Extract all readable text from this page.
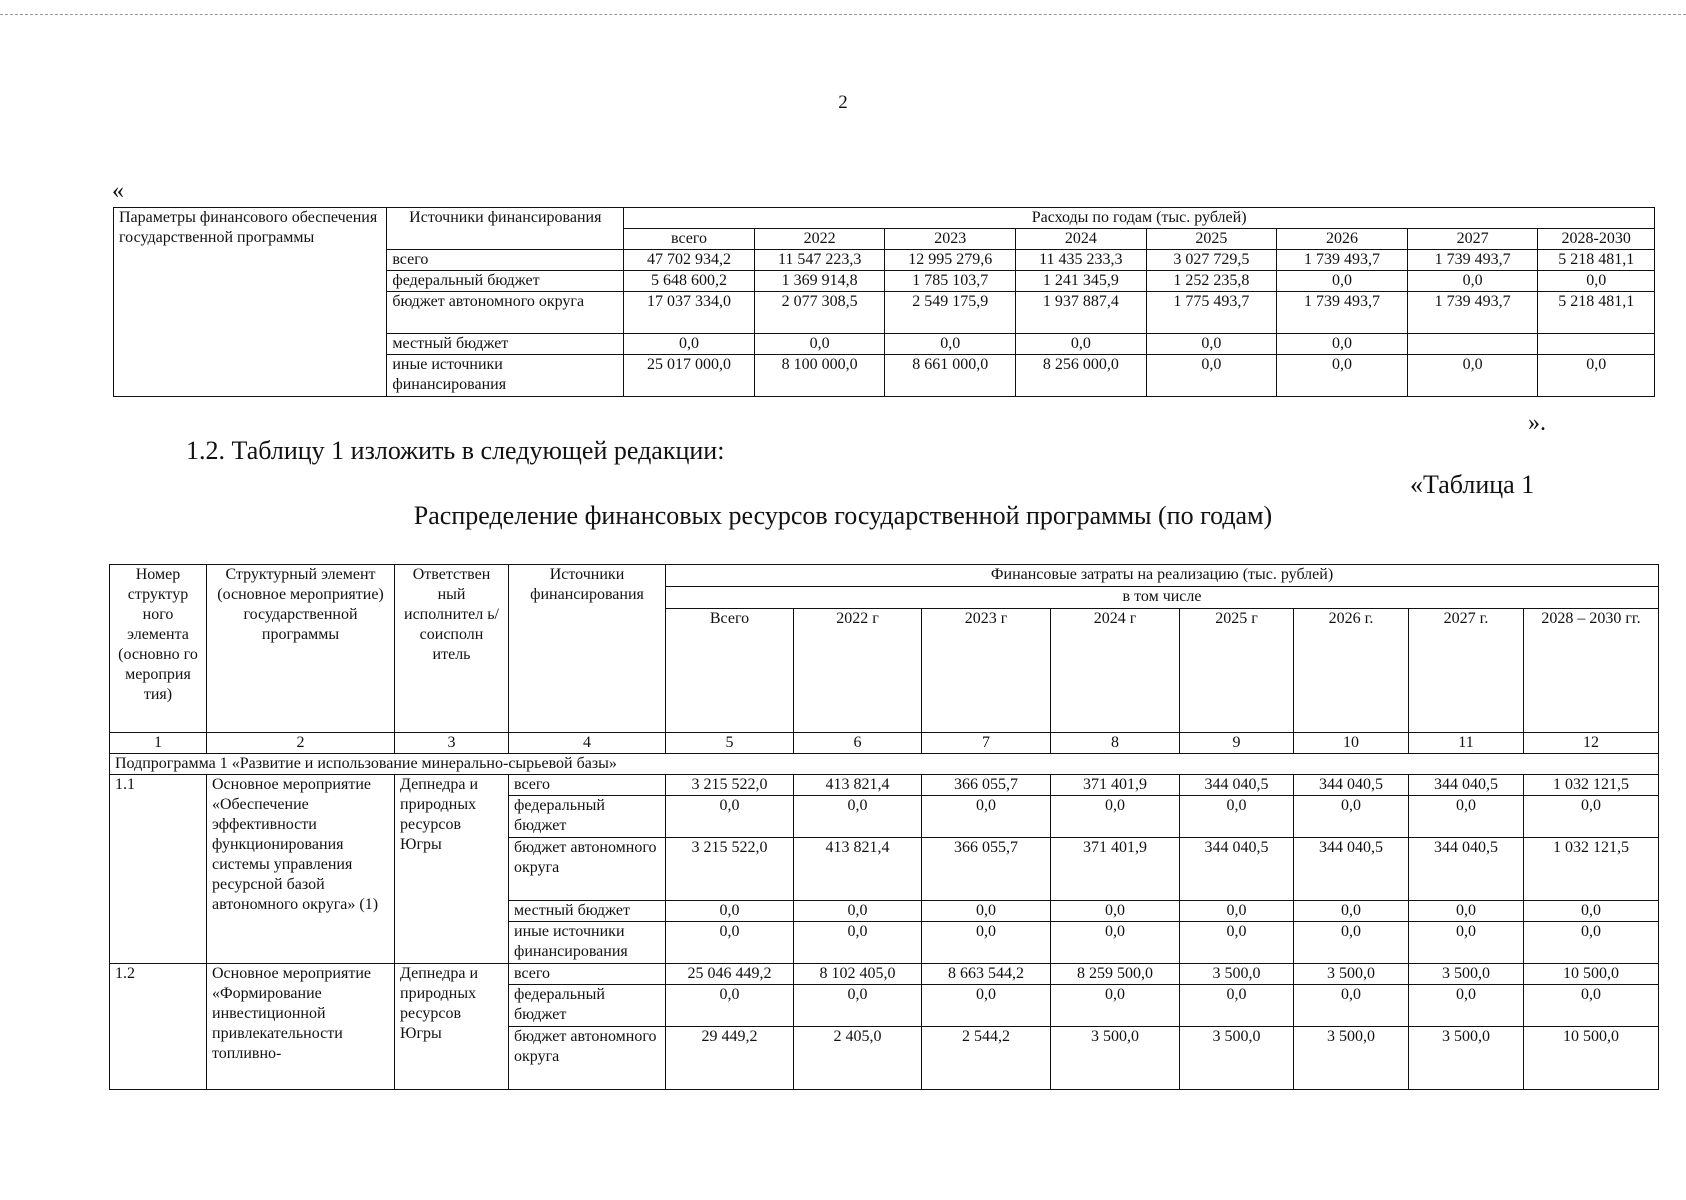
2
«
Параметры финансового обеспечения государственной программы	Источники финансирования	Расходы по годам (тыс. рублей)							
		всего	2022	2023	2024	2025	2026	2027	2028-2030
	всего	47 702 934,2	11 547 223,3	12 995 279,6	11 435 233,3	3 027 729,5	1 739 493,7	1 739 493,7	5 218 481,1
	федеральный бюджет	5 648 600,2	1 369 914,8	1 785 103,7	1 241 345,9	1 252 235,8	0,0	0,0	0,0
	бюджет автономного округа	17 037 334,0	2 077 308,5	2 549 175,9	1 937 887,4	1 775 493,7	1 739 493,7	1 739 493,7	5 218 481,1
	местный бюджет	0,0	0,0	0,0	0,0	0,0	0,0		
	иные источники финансирования	25 017 000,0	8 100 000,0	8 661 000,0	8 256 000,0	0,0	0,0	0,0	0,0
».
1.2. Таблицу 1 изложить в следующей редакции:
«Таблица 1
Распределение финансовых ресурсов государственной программы (по годам)
Номер структур ного элемента (основно го мероприя тия)	Структурный элемент (основное мероприятие) государственной программы	Ответствен ный исполнител ь/соисполн итель	Источники финансирования	Финансовые затраты на реализацию (тыс. рублей)							
				в том числе							
				Всего	2022 г	2023 г	2024 г	2025 г	2026 г.	2027 г.	2028 – 2030 гг.
1	2	3	4	5	6	7	8	9	10	11	12
Подпрограмма 1 «Развитие и использование минерально-сырьевой базы»											
1.1	Основное мероприятие «Обеспечение эффективности функционирования системы управления ресурсной базой автономного округа» (1)	Депнедра и природных ресурсов Югры	всего	3 215 522,0	413 821,4	366 055,7	371 401,9	344 040,5	344 040,5	344 040,5	1 032 121,5
			федеральный бюджет	0,0	0,0	0,0	0,0	0,0	0,0	0,0	0,0
			бюджет автономного округа	3 215 522,0	413 821,4	366 055,7	371 401,9	344 040,5	344 040,5	344 040,5	1 032 121,5
			местный бюджет	0,0	0,0	0,0	0,0	0,0	0,0	0,0	0,0
			иные источники финансирования	0,0	0,0	0,0	0,0	0,0	0,0	0,0	0,0
1.2	Основное мероприятие «Формирование инвестиционной привлекательности топливно-	Депнедра и природных ресурсов Югры	всего	25 046 449,2	8 102 405,0	8 663 544,2	8 259 500,0	3 500,0	3 500,0	3 500,0	10 500,0
			федеральный бюджет	0,0	0,0	0,0	0,0	0,0	0,0	0,0	0,0
			бюджет автономного округа	29 449,2	2 405,0	2 544,2	3 500,0	3 500,0	3 500,0	3 500,0	10 500,0
